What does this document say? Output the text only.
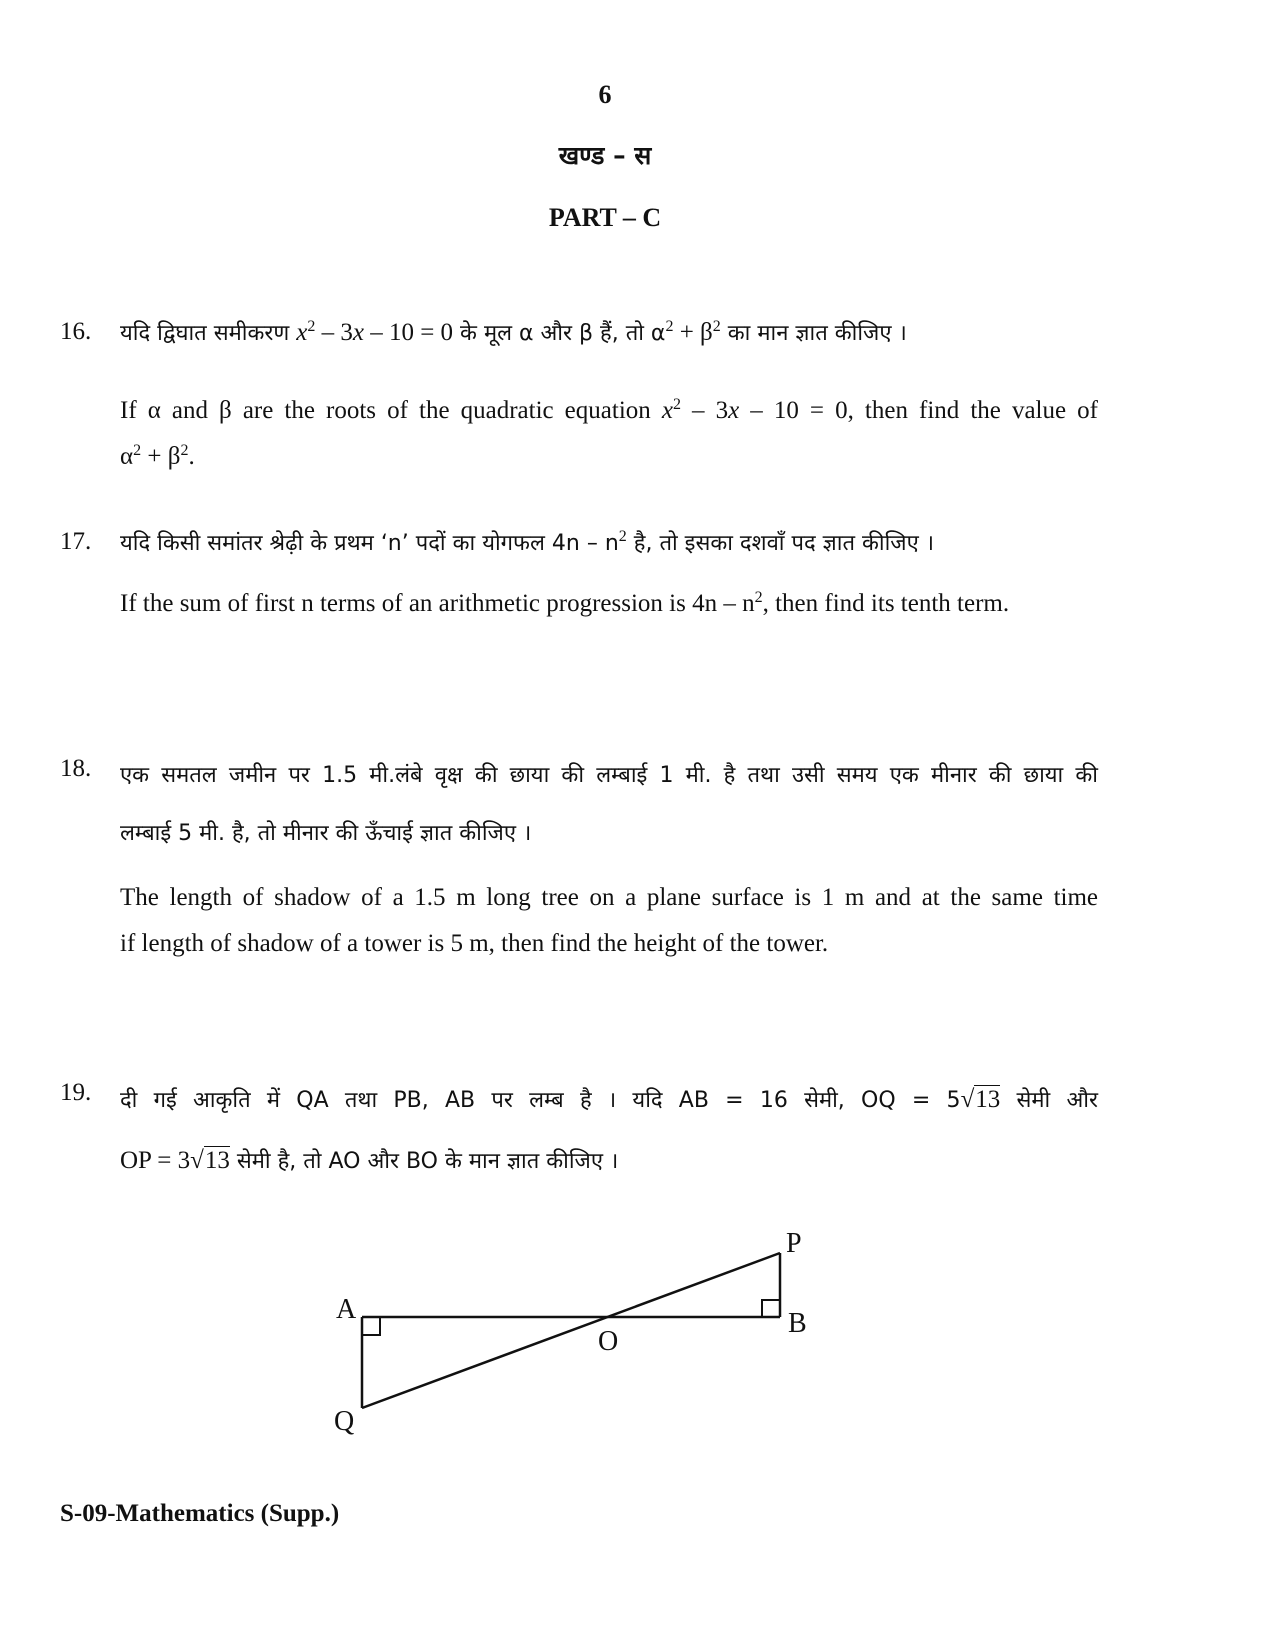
6
खण्ड – स
PART – C
16. यदि द्विघात समीकरण $x^2 - 3x - 10 = 0$ के मूल α और β हैं, तो $\alpha^2 + \beta^2$ का मान ज्ञात कीजिए ।
If α and β are the roots of the quadratic equation $x^2 - 3x - 10 = 0$, then find the value of
$\alpha^2 + \beta^2$.
17. यदि किसी समांतर श्रेढ़ी के प्रथम ‘n’ पदों का योगफल $4n - n^2$ है, तो इसका दशवाँ पद ज्ञात कीजिए ।
If the sum of first n terms of an arithmetic progression is $4n - n^2$, then find its tenth term.
18. एक समतल जमीन पर 1.5 मी.लंबे वृक्ष की छाया की लम्बाई 1 मी. है तथा उसी समय एक मीनार की छाया की
लम्बाई 5 मी. है, तो मीनार की ऊँचाई ज्ञात कीजिए ।
The length of shadow of a 1.5 m long tree on a plane surface is 1 m and at the same time
if length of shadow of a tower is 5 m, then find the height of the tower.
19. दी गई आकृति में QA तथा PB, AB पर लम्ब है । यदि AB = 16 सेमी, OQ = 5√13 सेमी और
OP = 3√13 सेमी है, तो AO और BO के मान ज्ञात कीजिए ।
A	B
O
P
Q
S-09-Mathematics (Supp.)
